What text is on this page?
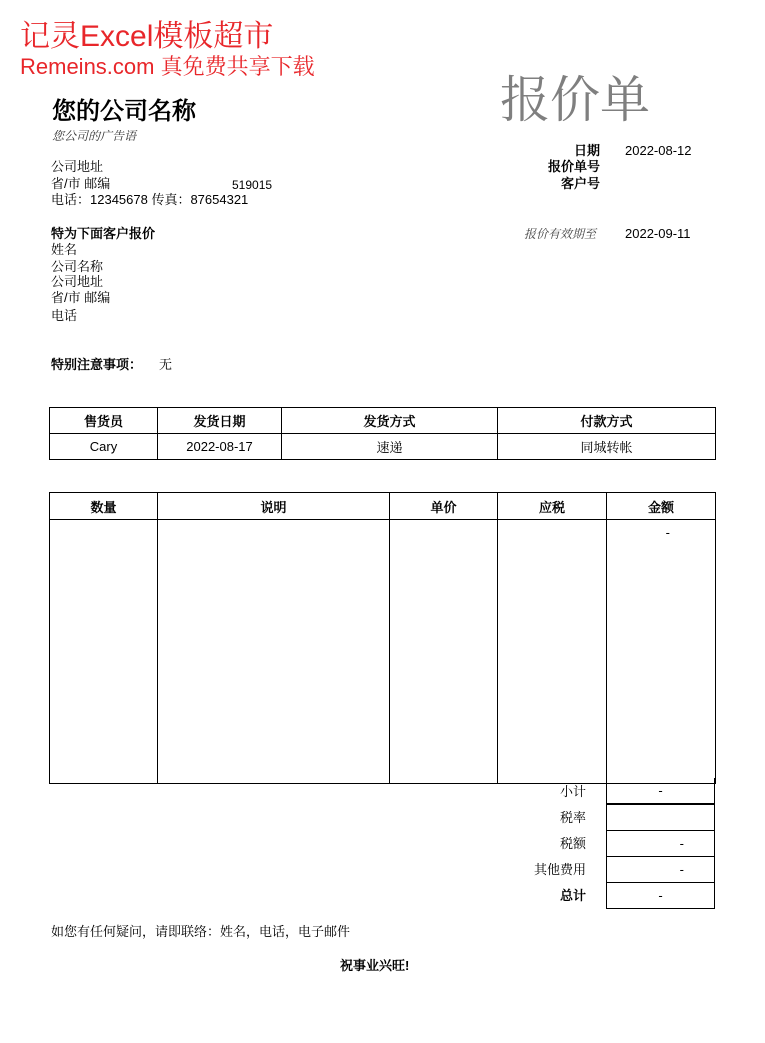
记灵Excel模板超市
Remeins.com 真免费共享下载
报价单
您的公司名称
您公司的广告语
公司地址
省/市 邮编	519015
电话：12345678 传真：87654321
日期 2022-08-12
报价单号
客户号
报价有效期至 2022-09-11
特为下面客户报价
姓名
公司名称
公司地址
省/市 邮编
电话
特别注意事项： 无
售货员	发货日期	发货方式	付款方式
Cary	2022-08-17	速递	同城转帐
数量	说明	单价	应税	金额
				-
小计	-
税率
税额	-
其他费用	-
总计	-
如您有任何疑问，请即联络：姓名，电话，电子邮件
祝事业兴旺!
